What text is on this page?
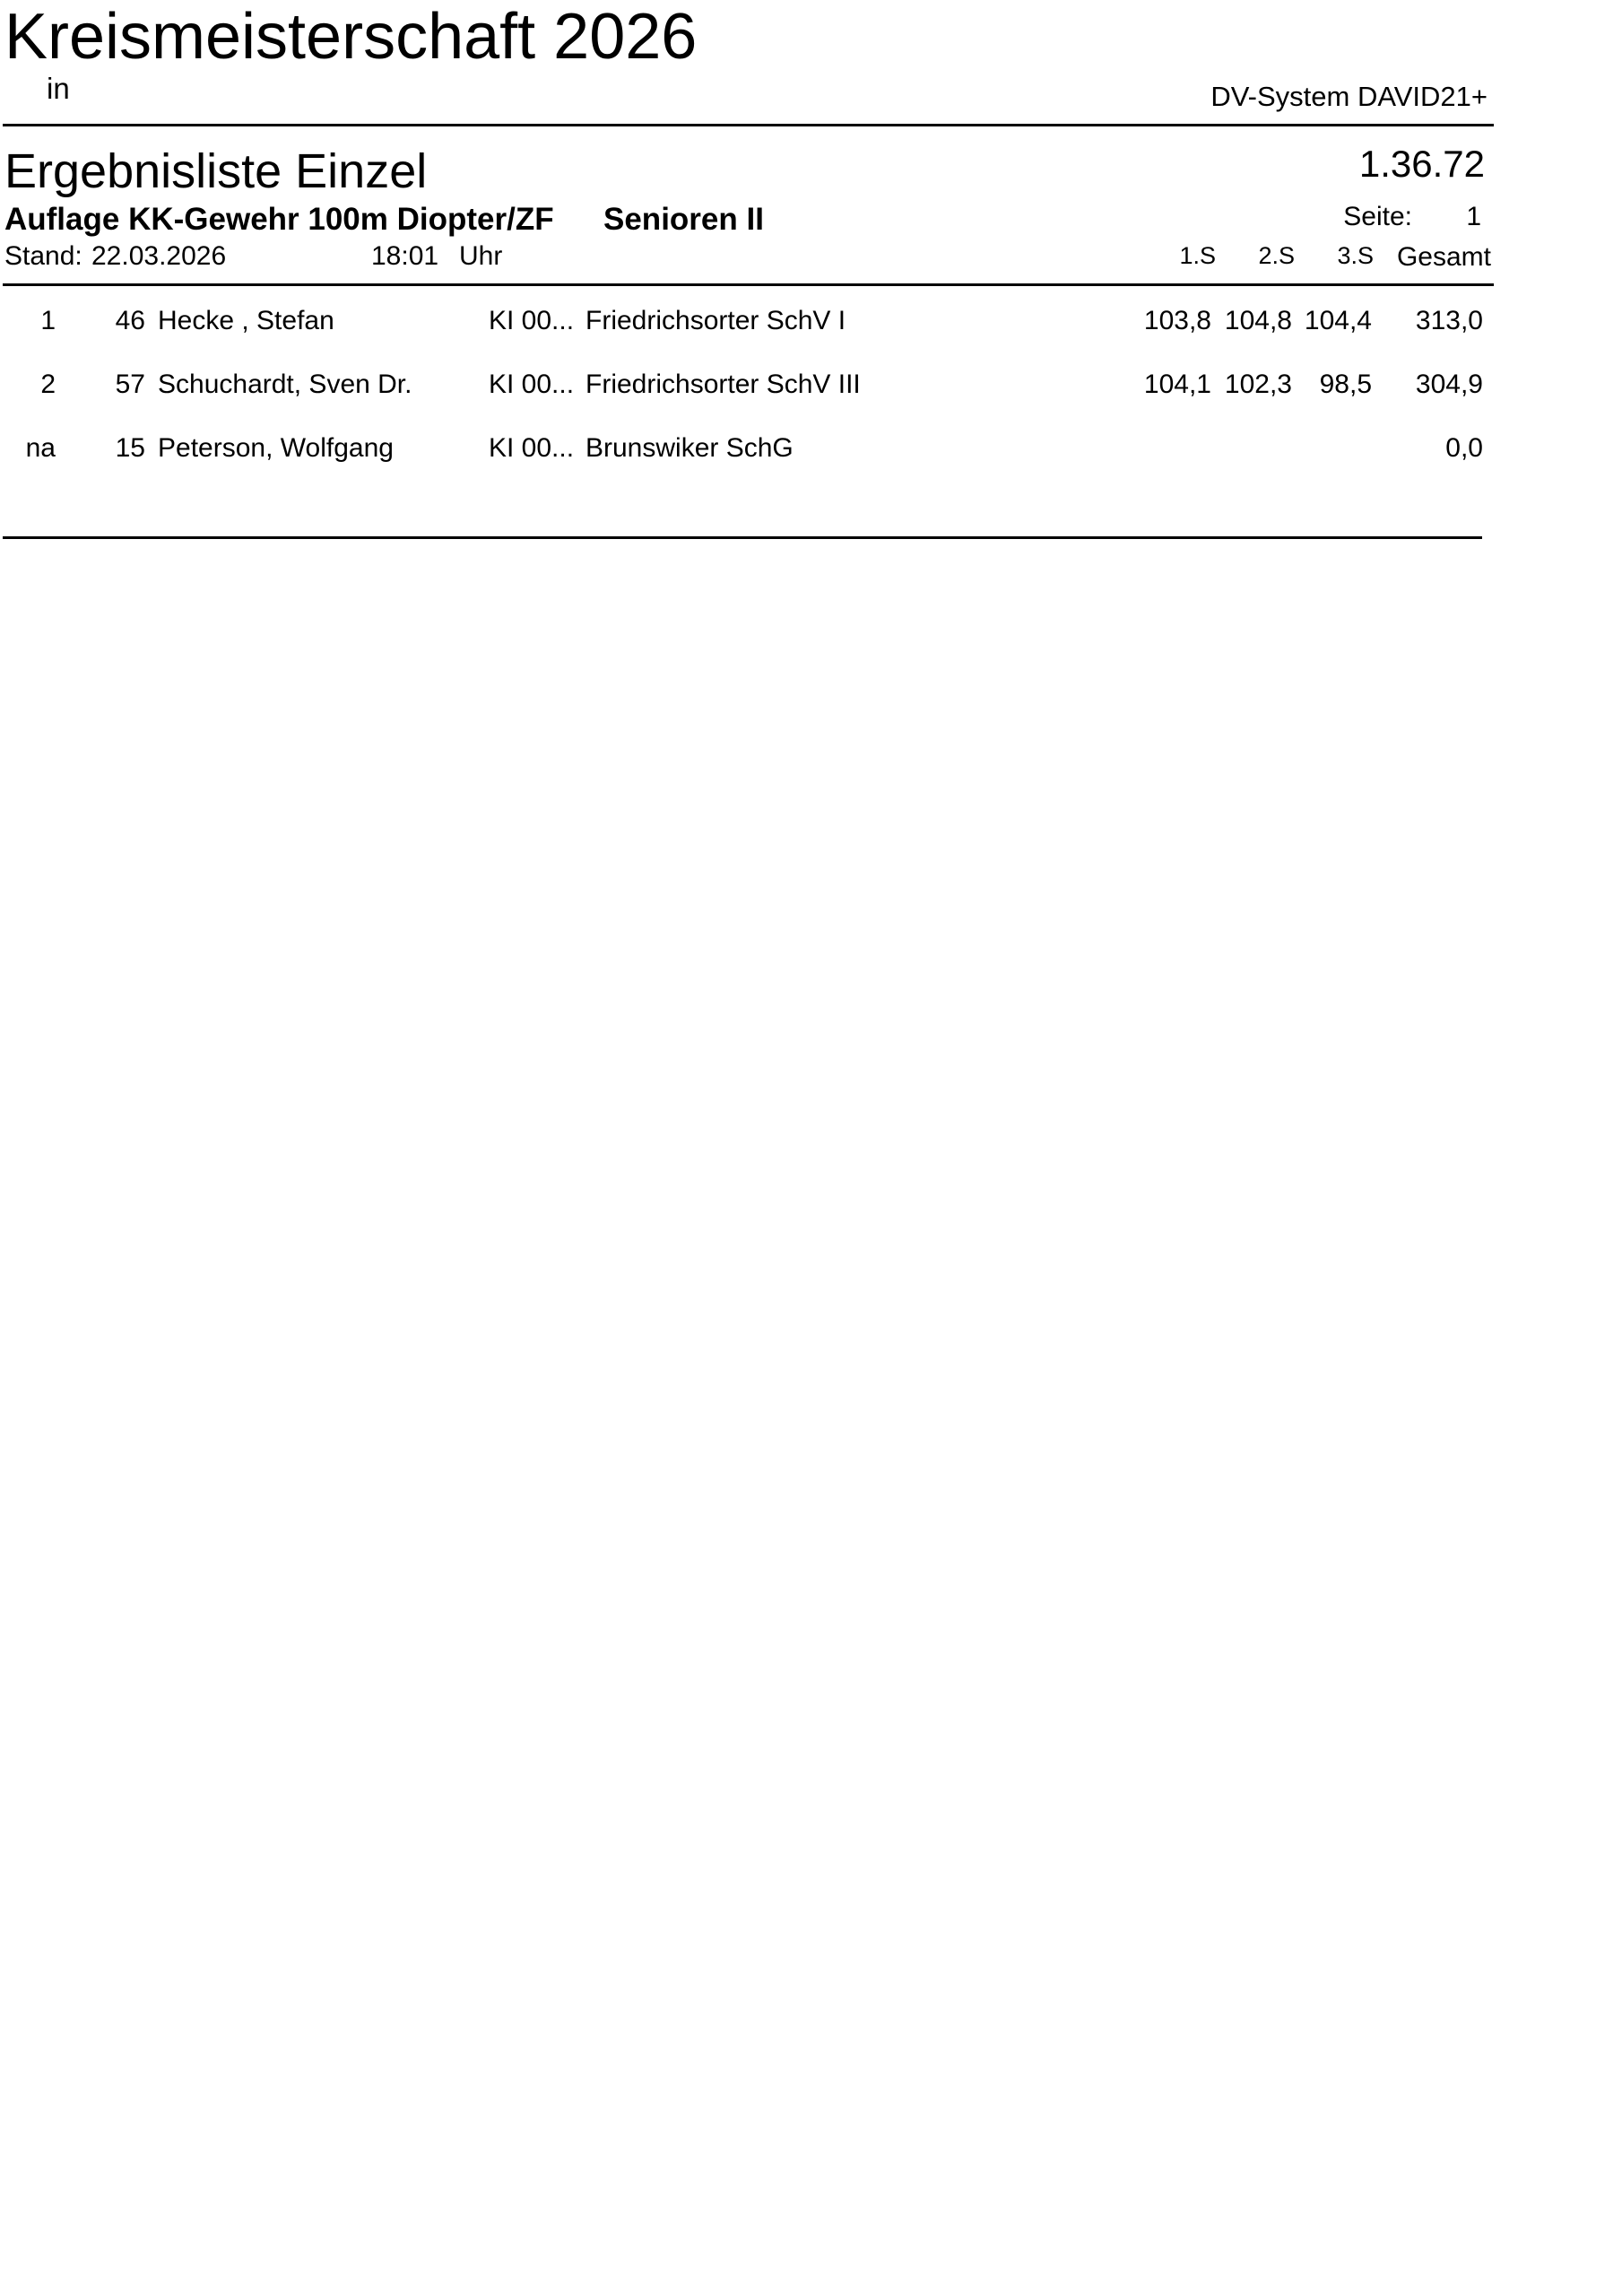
Kreismeisterschaft 2026
in	DV-System DAVID21+
Ergebnisliste Einzel	1.36.72
Auflage KK-Gewehr 100m Diopter/ZF Senioren II	Seite: 1
Stand: 22.03.2026	18:01 Uhr	1.S	2.S	3.S Gesamt
1	46 Hecke , Stefan	KI 00... Friedrichsorter SchV I	103,8 104,8 104,4	313,0
2	57 Schuchardt, Sven Dr.	KI 00... Friedrichsorter SchV III	104,1 102,3	98,5	304,9
na	15 Peterson, Wolfgang	KI 00... Brunswiker SchG	0,0
